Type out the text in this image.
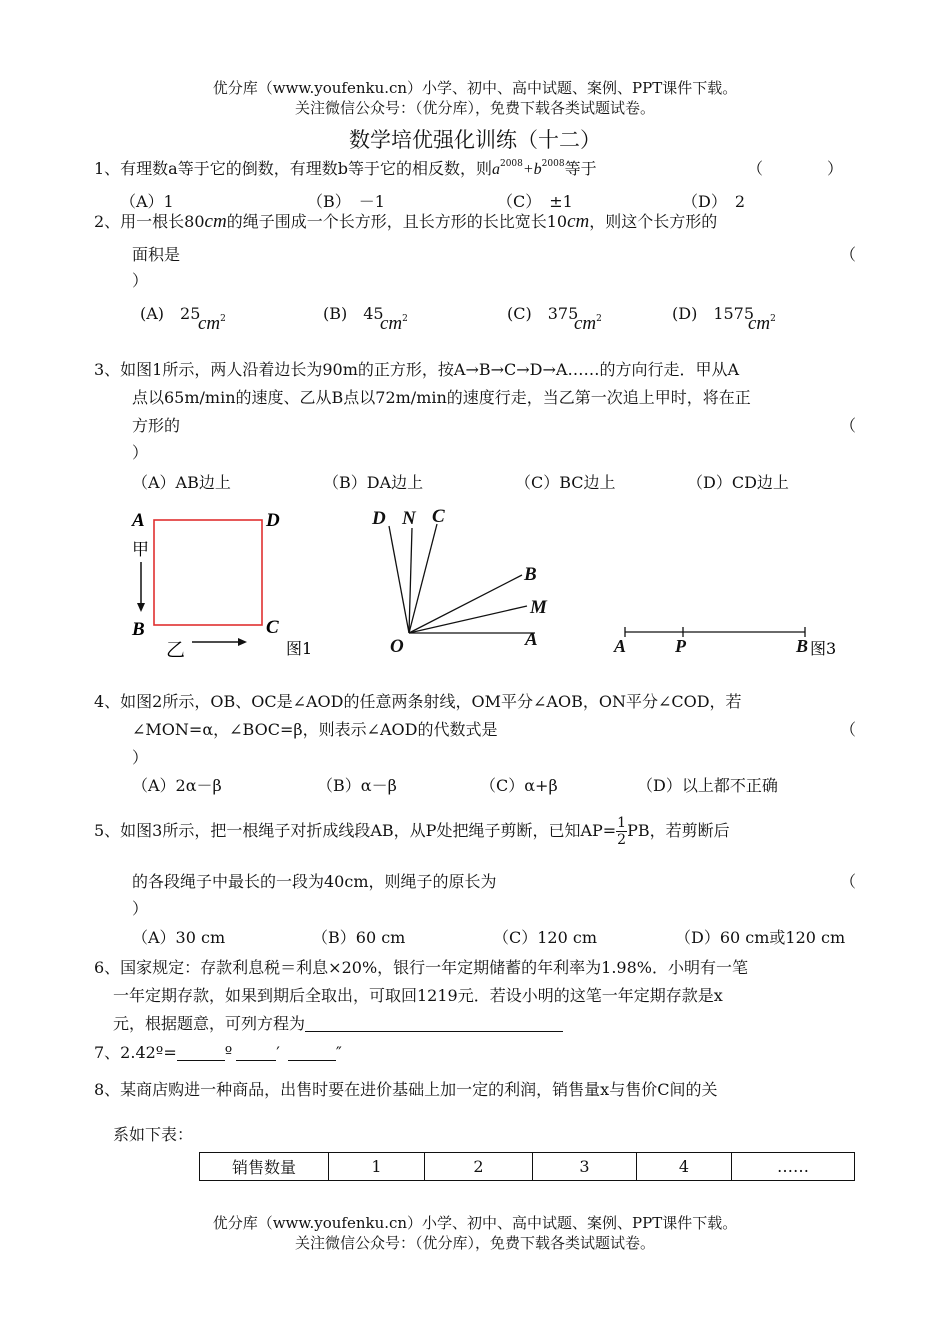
优分库（www.youfenku.cn）小学、初中、高中试题、案例、PPT课件下载。
关注微信公众号：（优分库），免费下载各类试题试卷。
数学培优强化训练（十二）
1、有理数a等于它的倒数，有理数b等于它的相反数，则$a^{2008}+b^{2008}$等于	（　　　　）
（A）1	（B）　－1	（C）　±1	（D）　2
2、用一根长80cm的绳子围成一个长方形，且长方形的长比宽长10cm，则这个长方形的
面积是	（
）
(A)　25
$cm^2$	(B)　45
$cm^2$	(C)　375
$cm^2$	(D)　1575
$cm^2$
3、如图1所示，两人沿着边长为90m的正方形，按A→B→C→D→A……的方向行走．甲从A
点以65m/min的速度、乙从B点以72m/min的速度行走，当乙第一次追上甲时，将在正
方形的	（
）
（A）AB边上	（B）DA边上	（C）BC边上	（D）CD边上
A	D
B	C
甲
乙	图1
D N C
B
M
O	A	A	P	B 图3
4、如图2所示，OB、OC是∠AOD的任意两条射线，OM平分∠AOB，ON平分∠COD，若
∠MON=α，∠BOC=β，则表示∠AOD的代数式是	（
）
（A）2α－β	（B）α－β	（C）α+β	（D）以上都不正确
5、如图3所示，把一根绳子对折成线段AB，从P处把绳子剪断，已知$AP= \frac{1}{2}$ PB，若剪断后
的各段绳子中最长的一段为40cm，则绳子的原长为	（
）
（A）30 cm	（B）60 cm	（C）120 cm	（D）60 cm或120 cm
6、国家规定：存款利息税＝利息×20%，银行一年定期储蓄的年利率为1.98%．小明有一笔
一年定期存款，如果到期后全取出，可取回1219元．若设小明的这笔一年定期存款是x
元，根据题意，可列方程为
7、2.42º=	º	′	″
8、某商店购进一种商品，出售时要在进价基础上加一定的利润，销售量x与售价C间的关
系如下表：
销售数量	1	2	3	4	……
优分库（www.youfenku.cn）小学、初中、高中试题、案例、PPT课件下载。
关注微信公众号：（优分库），免费下载各类试题试卷。
